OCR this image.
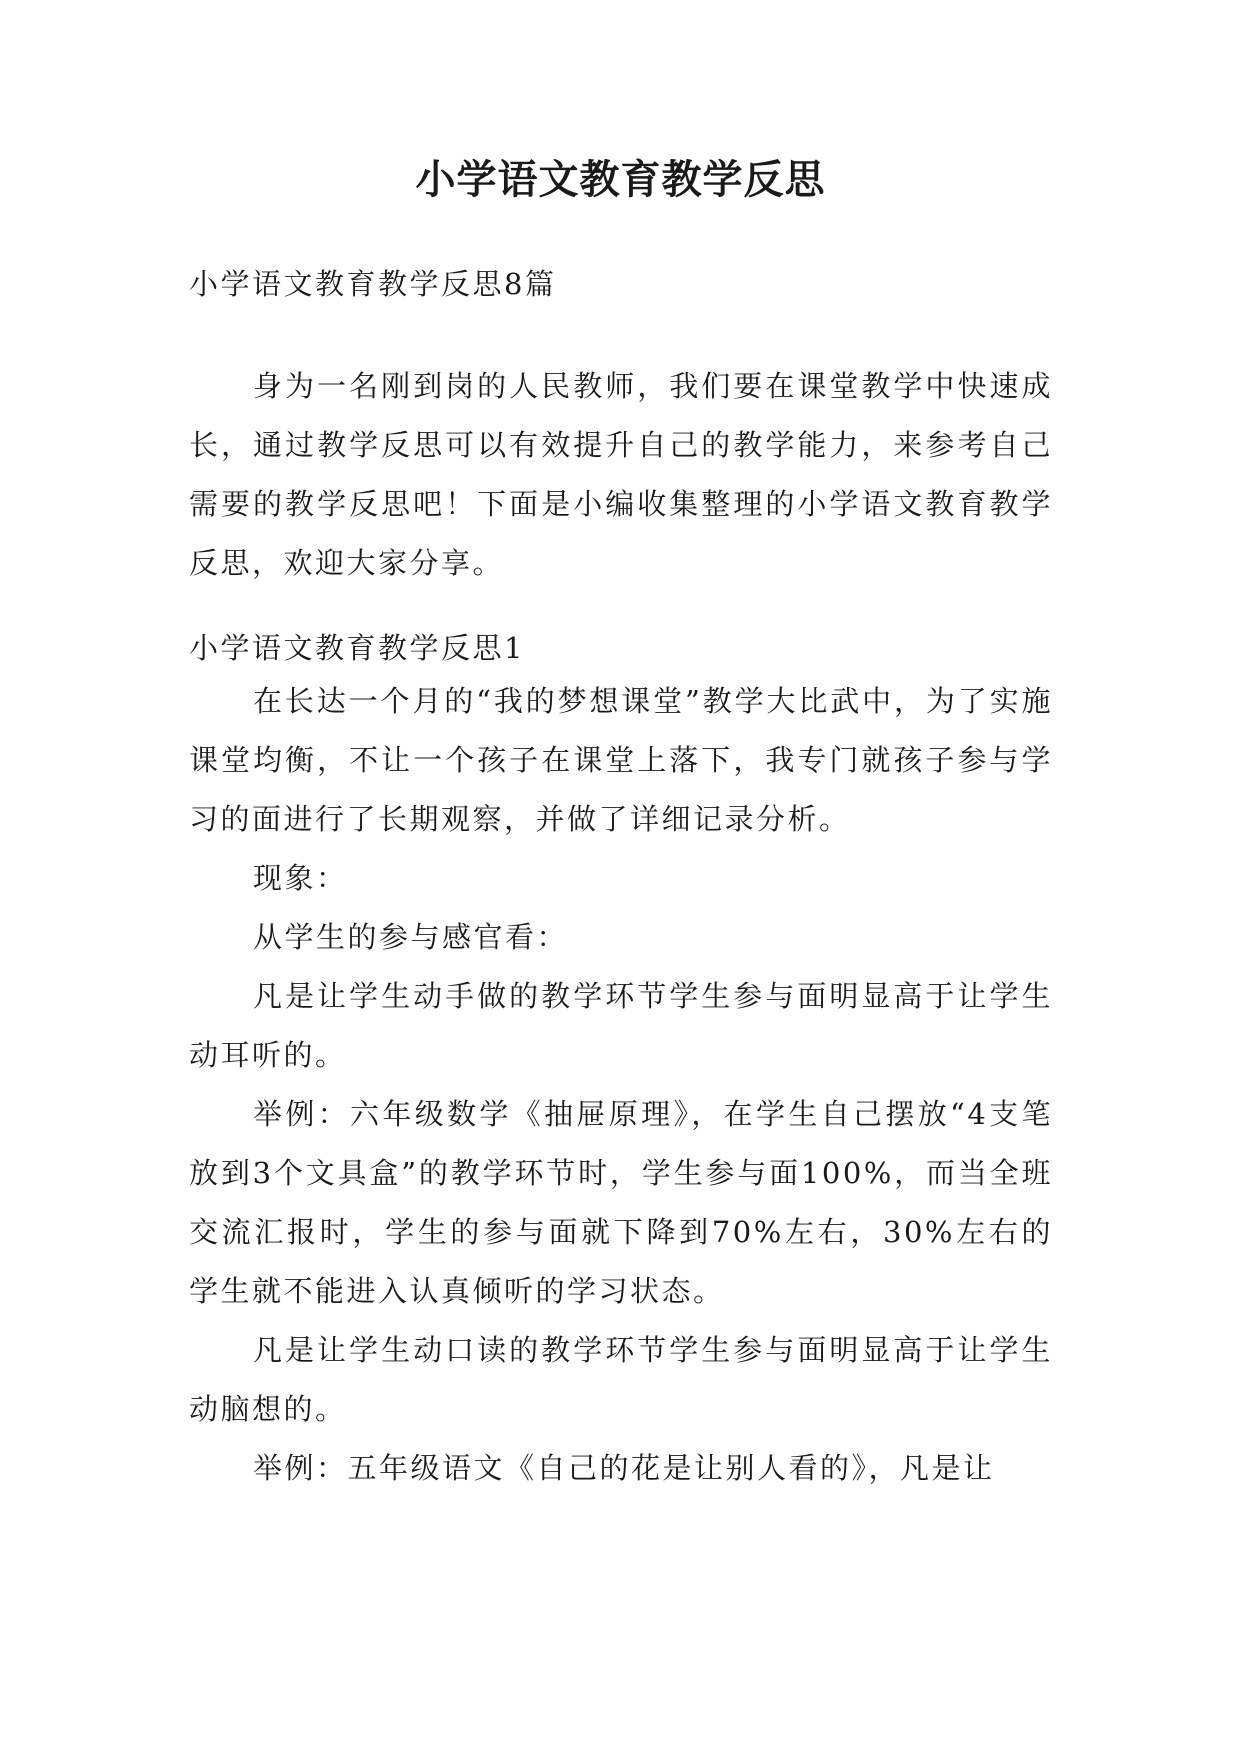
小学语文教育教学反思

小学语文教育教学反思8篇

身为一名刚到岗的人民教师，我们要在课堂教学中快速成长，通过教学反思可以有效提升自己的教学能力，来参考自己需要的教学反思吧！下面是小编收集整理的小学语文教育教学反思，欢迎大家分享。

小学语文教育教学反思1

在长达一个月的“我的梦想课堂”教学大比武中，为了实施课堂均衡，不让一个孩子在课堂上落下，我专门就孩子参与学习的面进行了长期观察，并做了详细记录分析。

现象：

从学生的参与感官看：

凡是让学生动手做的教学环节学生参与面明显高于让学生动耳听的。

举例：六年级数学《抽屉原理》，在学生自己摆放“4支笔放到3个文具盒”的教学环节时，学生参与面100%，而当全班交流汇报时，学生的参与面就下降到70%左右，30%左右的学生就不能进入认真倾听的学习状态。

凡是让学生动口读的教学环节学生参与面明显高于让学生动脑想的。

举例：五年级语文《自己的花是让别人看的》，凡是让
